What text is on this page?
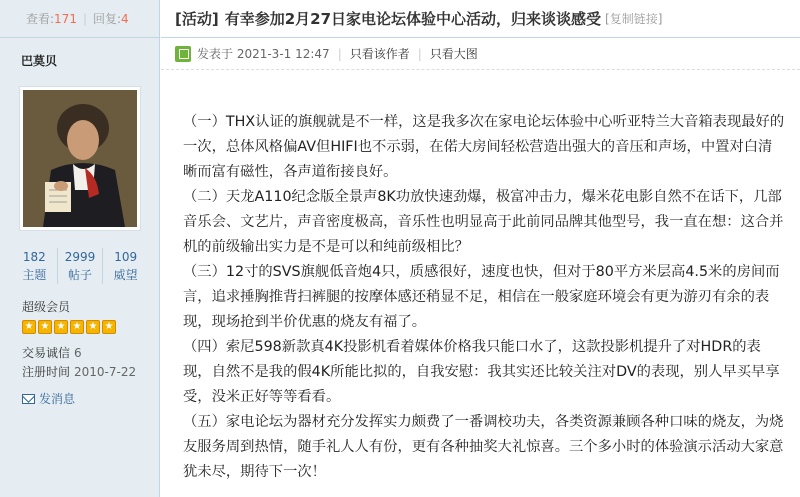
查看: 171 | 回复: 4
巴莫贝
182
主题
2999
帖子
109
威望
超级会员
★ ★ ★ ★ ★ ★
交易诚信 6
注册时间 2010-7-22
发消息
[活动] 有幸参加2月27日家电论坛体验中心活动，归来谈谈感受 [复制链接]
发表于 2021-3-1 12:47 | 只看该作者 | 只看大图

（一）THX认证的旗舰就是不一样，这是我多次在家电论坛体验中心听亚特兰大音箱表现最好的一次，总体风格偏AV但HIFI也不示弱，在偌大房间轻松营造出强大的音压和声场，中置对白清晰而富有磁性，各声道衔接良好。

（二）天龙A110纪念版全景声8K功放快速劲爆，极富冲击力，爆米花电影自然不在话下，几部音乐会、文艺片，声音密度极高，音乐性也明显高于此前同品牌其他型号，我一直在想：这合并机的前级输出实力是不是可以和纯前级相比？

（三）12寸的SVS旗舰低音炮4只，质感很好，速度也快，但对于80平方米层高4.5米的房间而言，追求捶胸推背扫裤腿的按摩体感还稍显不足，相信在一般家庭环境会有更为游刃有余的表现，现场抢到半价优惠的烧友有福了。

（四）索尼598新款真4K投影机看着媒体价格我只能口水了，这款投影机提升了对HDR的表现，自然不是我的假4K所能比拟的，自我安慰：我其实还比较关注对DV的表现，别人早买早享受，没米正好等等看看。

（五）家电论坛为器材充分发挥实力颇费了一番调校功夫，各类资源兼顾各种口味的烧友，为烧友服务周到热情，随手礼人人有份，更有各种抽奖大礼惊喜。三个多小时的体验演示活动大家意犹未尽，期待下一次！
